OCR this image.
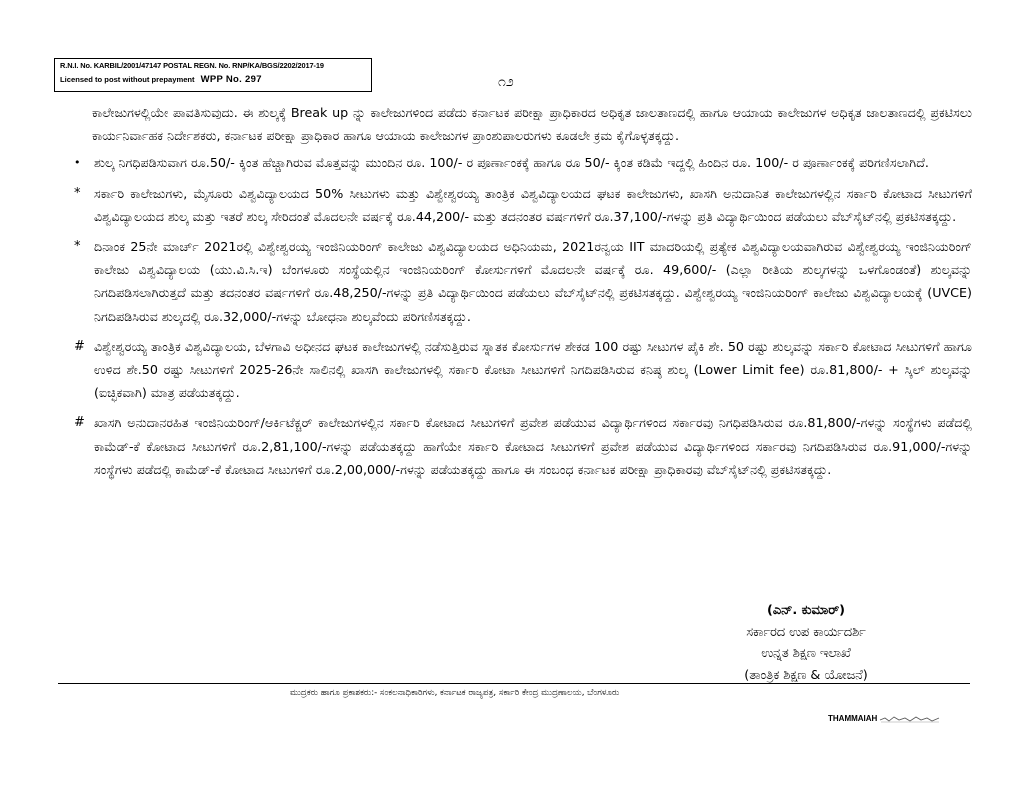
R.N.I. No. KARBIL/2001/47147 POSTAL REGN. No. RNP/KA/BGS/2202/2017-19
Licensed to post without prepayment WPP No. 297	೧೨
ಕಾಲೇಜುಗಳಲ್ಲಿಯೇ ಪಾವತಿಸುವುದು. ಈ ಶುಲ್ಕಕ್ಕೆ Break up ನ್ನು ಕಾಲೇಜುಗಳಿಂದ ಪಡೆದು ಕರ್ನಾಟಕ ಪರೀಕ್ಷಾ ಪ್ರಾಧಿಕಾರದ ಅಧಿಕೃತ ಜಾಲತಾಣದಲ್ಲಿ ಹಾಗೂ ಆಯಾಯ ಕಾಲೇಜುಗಳ ಅಧಿಕೃತ ಜಾಲತಾಣದಲ್ಲಿ ಪ್ರಕಟಿಸಲು ಕಾರ್ಯನಿರ್ವಾಹಕ ನಿರ್ದೇಶಕರು, ಕರ್ನಾಟಕ ಪರೀಕ್ಷಾ ಪ್ರಾಧಿಕಾರ ಹಾಗೂ ಆಯಾಯ ಕಾಲೇಜುಗಳ ಪ್ರಾಂಶುಪಾಲರುಗಳು ಕೂಡಲೇ ಕ್ರಮ ಕೈಗೊಳ್ಳತಕ್ಕದ್ದು.
• ಶುಲ್ಕ ನಿಗಧಿಪಡಿಸುವಾಗ ರೂ.50/- ಕ್ಕಿಂತ ಹೆಚ್ಚಾಗಿರುವ ಮೊತ್ತವನ್ನು ಮುಂದಿನ ರೂ. 100/- ರ ಪೂರ್ಣಾಂಕಕ್ಕೆ ಹಾಗೂ ರೂ 50/- ಕ್ಕಿಂತ ಕಡಿಮೆ ಇದ್ದಲ್ಲಿ ಹಿಂದಿನ ರೂ. 100/- ರ ಪೂರ್ಣಾಂಕಕ್ಕೆ ಪರಿಗಣಿಸಲಾಗಿದೆ.
* ಸರ್ಕಾರಿ ಕಾಲೇಜುಗಳು, ಮೈಸೂರು ವಿಶ್ವವಿದ್ಯಾಲಯದ 50% ಸೀಟುಗಳು ಮತ್ತು ವಿಶ್ವೇಶ್ವರಯ್ಯ ತಾಂತ್ರಿಕ ವಿಶ್ವವಿದ್ಯಾಲಯದ ಘಟಕ ಕಾಲೇಜುಗಳು, ಖಾಸಗಿ ಅನುದಾನಿತ ಕಾಲೇಜುಗಳಲ್ಲಿನ ಸರ್ಕಾರಿ ಕೋಟಾದ ಸೀಟುಗಳಿಗೆ ವಿಶ್ವವಿದ್ಯಾಲಯದ ಶುಲ್ಕ ಮತ್ತು ಇತರೆ ಶುಲ್ಕ ಸೇರಿದಂತೆ ಮೊದಲನೇ ವರ್ಷಕ್ಕೆ ರೂ.44,200/- ಮತ್ತು ತದನಂತರ ವರ್ಷಗಳಿಗೆ ರೂ.37,100/-ಗಳನ್ನು ಪ್ರತಿ ವಿದ್ಯಾರ್ಥಿಯಿಂದ ಪಡೆಯಲು ವೆಬ್‌ಸೈಟ್‌ನಲ್ಲಿ ಪ್ರಕಟಿಸತಕ್ಕದ್ದು.
* ದಿನಾಂಕ 25ನೇ ಮಾರ್ಚ್ 2021ರಲ್ಲಿ ವಿಶ್ವೇಶ್ವರಯ್ಯ ಇಂಜಿನಿಯರಿಂಗ್ ಕಾಲೇಜು ವಿಶ್ವವಿದ್ಯಾಲಯದ ಅಧಿನಿಯಮ, 2021ರನ್ವಯ IIT ಮಾದರಿಯಲ್ಲಿ ಪ್ರತ್ಯೇಕ ವಿಶ್ವವಿದ್ಯಾಲಯವಾಗಿರುವ ವಿಶ್ವೇಶ್ವರಯ್ಯ ಇಂಜಿನಿಯರಿಂಗ್ ಕಾಲೇಜು ವಿಶ್ವವಿದ್ಯಾಲಯ (ಯು.ವಿ.ಸಿ.ಇ) ಬೆಂಗಳೂರು ಸಂಸ್ಥೆಯಲ್ಲಿನ ಇಂಜಿನಿಯರಿಂಗ್ ಕೋರ್ಸುಗಳಿಗೆ ಮೊದಲನೇ ವರ್ಷಕ್ಕೆ ರೂ. 49,600/- (ಎಲ್ಲಾ ರೀತಿಯ ಶುಲ್ಕಗಳನ್ನು ಒಳಗೊಂಡಂತೆ) ಶುಲ್ಕವನ್ನು ನಿಗದಿಪಡಿಸಲಾಗಿರುತ್ತದೆ ಮತ್ತು ತದನಂತರ ವರ್ಷಗಳಿಗೆ ರೂ.48,250/-ಗಳನ್ನು ಪ್ರತಿ ವಿದ್ಯಾರ್ಥಿಯಿಂದ ಪಡೆಯಲು ವೆಬ್‌ಸೈಟ್‌ನಲ್ಲಿ ಪ್ರಕಟಿಸತಕ್ಕದ್ದು. ವಿಶ್ವೇಶ್ವರಯ್ಯ ಇಂಜಿನಿಯರಿಂಗ್ ಕಾಲೇಜು ವಿಶ್ವವಿದ್ಯಾಲಯಕ್ಕೆ (UVCE) ನಿಗದಿಪಡಿಸಿರುವ ಶುಲ್ಕದಲ್ಲಿ ರೂ.32,000/-ಗಳನ್ನು ಬೋಧನಾ ಶುಲ್ಕವೆಂದು ಪರಿಗಣಿಸತಕ್ಕದ್ದು.
# ವಿಶ್ವೇಶ್ವರಯ್ಯ ತಾಂತ್ರಿಕ ವಿಶ್ವವಿದ್ಯಾಲಯ, ಬೆಳಗಾವಿ ಅಧೀನದ ಘಟಕ ಕಾಲೇಜುಗಳಲ್ಲಿ ನಡೆಸುತ್ತಿರುವ ಸ್ನಾತಕ ಕೋರ್ಸುಗಳ ಶೇಕಡ 100 ರಷ್ಟು ಸೀಟುಗಳ ಪೈಕಿ ಶೇ. 50 ರಷ್ಟು ಶುಲ್ಕವನ್ನು ಸರ್ಕಾರಿ ಕೋಟಾದ ಸೀಟುಗಳಿಗೆ ಹಾಗೂ ಉಳಿದ ಶೇ.50 ರಷ್ಟು ಸೀಟುಗಳಿಗೆ 2025-26ನೇ ಸಾಲಿನಲ್ಲಿ ಖಾಸಗಿ ಕಾಲೇಜುಗಳಲ್ಲಿ ಸರ್ಕಾರಿ ಕೋಟಾ ಸೀಟುಗಳಿಗೆ ನಿಗದಿಪಡಿಸಿರುವ ಕನಿಷ್ಠ ಶುಲ್ಕ (Lower Limit fee) ರೂ.81,800/- + ಸ್ಕಿಲ್ ಶುಲ್ಕವನ್ನು (ಐಚ್ಛಿಕವಾಗಿ) ಮಾತ್ರ ಪಡೆಯತಕ್ಕದ್ದು.
# ಖಾಸಗಿ ಅನುದಾನರಹಿತ ಇಂಜಿನಿಯರಿಂಗ್/ಆರ್ಕಿಟೆಕ್ಚರ್ ಕಾಲೇಜುಗಳಲ್ಲಿನ ಸರ್ಕಾರಿ ಕೋಟಾದ ಸೀಟುಗಳಿಗೆ ಪ್ರವೇಶ ಪಡೆಯುವ ವಿದ್ಯಾರ್ಥಿಗಳಿಂದ ಸರ್ಕಾರವು ನಿಗಧಿಪಡಿಸಿರುವ ರೂ.81,800/-ಗಳನ್ನು ಸಂಸ್ಥೆಗಳು ಪಡೆದಲ್ಲಿ ಕಾಮೆಡ್-ಕೆ ಕೋಟಾದ ಸೀಟುಗಳಿಗೆ ರೂ.2,81,100/-ಗಳನ್ನು ಪಡೆಯತಕ್ಕದ್ದು ಹಾಗೆಯೇ ಸರ್ಕಾರಿ ಕೋಟಾದ ಸೀಟುಗಳಿಗೆ ಪ್ರವೇಶ ಪಡೆಯುವ ವಿದ್ಯಾರ್ಥಿಗಳಿಂದ ಸರ್ಕಾರವು ನಿಗದಿಪಡಿಸಿರುವ ರೂ.91,000/-ಗಳನ್ನು ಸಂಸ್ಥೆಗಳು ಪಡೆದಲ್ಲಿ ಕಾಮೆಡ್-ಕೆ ಕೋಟಾದ ಸೀಟುಗಳಿಗೆ ರೂ.2,00,000/-ಗಳನ್ನು ಪಡೆಯತಕ್ಕದ್ದು ಹಾಗೂ ಈ ಸಂಬಂಧ ಕರ್ನಾಟಕ ಪರೀಕ್ಷಾ ಪ್ರಾಧಿಕಾರವು ವೆಬ್‌ಸೈಟ್‌ನಲ್ಲಿ ಪ್ರಕಟಿಸತಕ್ಕದ್ದು.
(ಎನ್. ಕುಮಾರ್)
ಸರ್ಕಾರದ ಉಪ ಕಾರ್ಯದರ್ಶಿ
ಉನ್ನತ ಶಿಕ್ಷಣ ಇಲಾಖೆ
(ತಾಂತ್ರಿಕ ಶಿಕ್ಷಣ & ಯೋಜನೆ)
ಮುದ್ರಕರು ಹಾಗೂ ಪ್ರಕಾಶಕರು:- ಸಂಕಲನಾಧಿಕಾರಿಗಳು, ಕರ್ನಾಟಕ ರಾಜ್ಯಪತ್ರ, ಸರ್ಕಾರಿ ಕೇಂದ್ರ ಮುದ್ರಣಾಲಯ, ಬೆಂಗಳೂರು
THAMMAIAH
